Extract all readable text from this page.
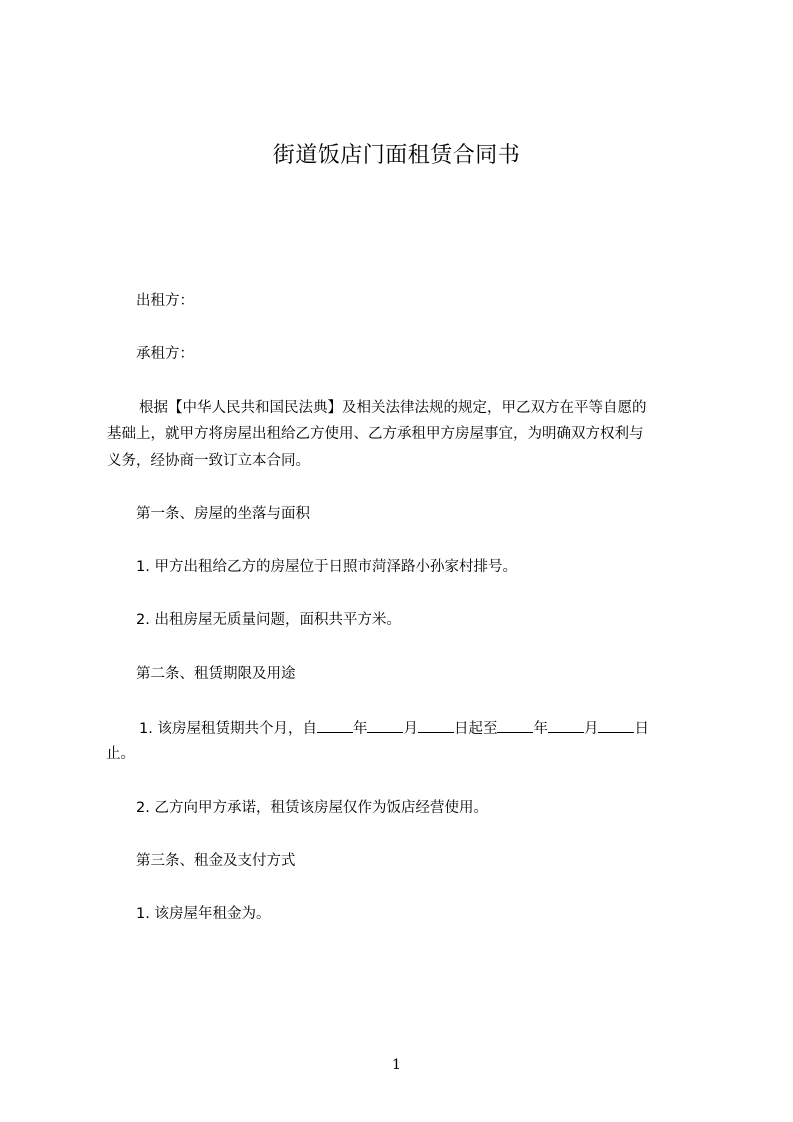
街道饭店门面租赁合同书
出租方：
承租方：
根据【中华人民共和国民法典】及相关法律法规的规定，甲乙双方在平等自愿的
基础上，就甲方将房屋出租给乙方使用、乙方承租甲方房屋事宜，为明确双方权利与
义务，经协商一致订立本合同。
第一条、房屋的坐落与面积
1. 甲方出租给乙方的房屋位于日照市菏泽路小孙家村排号。
2. 出租房屋无质量问题，面积共平方米。
第二条、租赁期限及用途
1. 该房屋租赁期共个月，自 年 月 日起至 年 月 日
止。
2. 乙方向甲方承诺，租赁该房屋仅作为饭店经营使用。
第三条、租金及支付方式
1. 该房屋年租金为。
1
